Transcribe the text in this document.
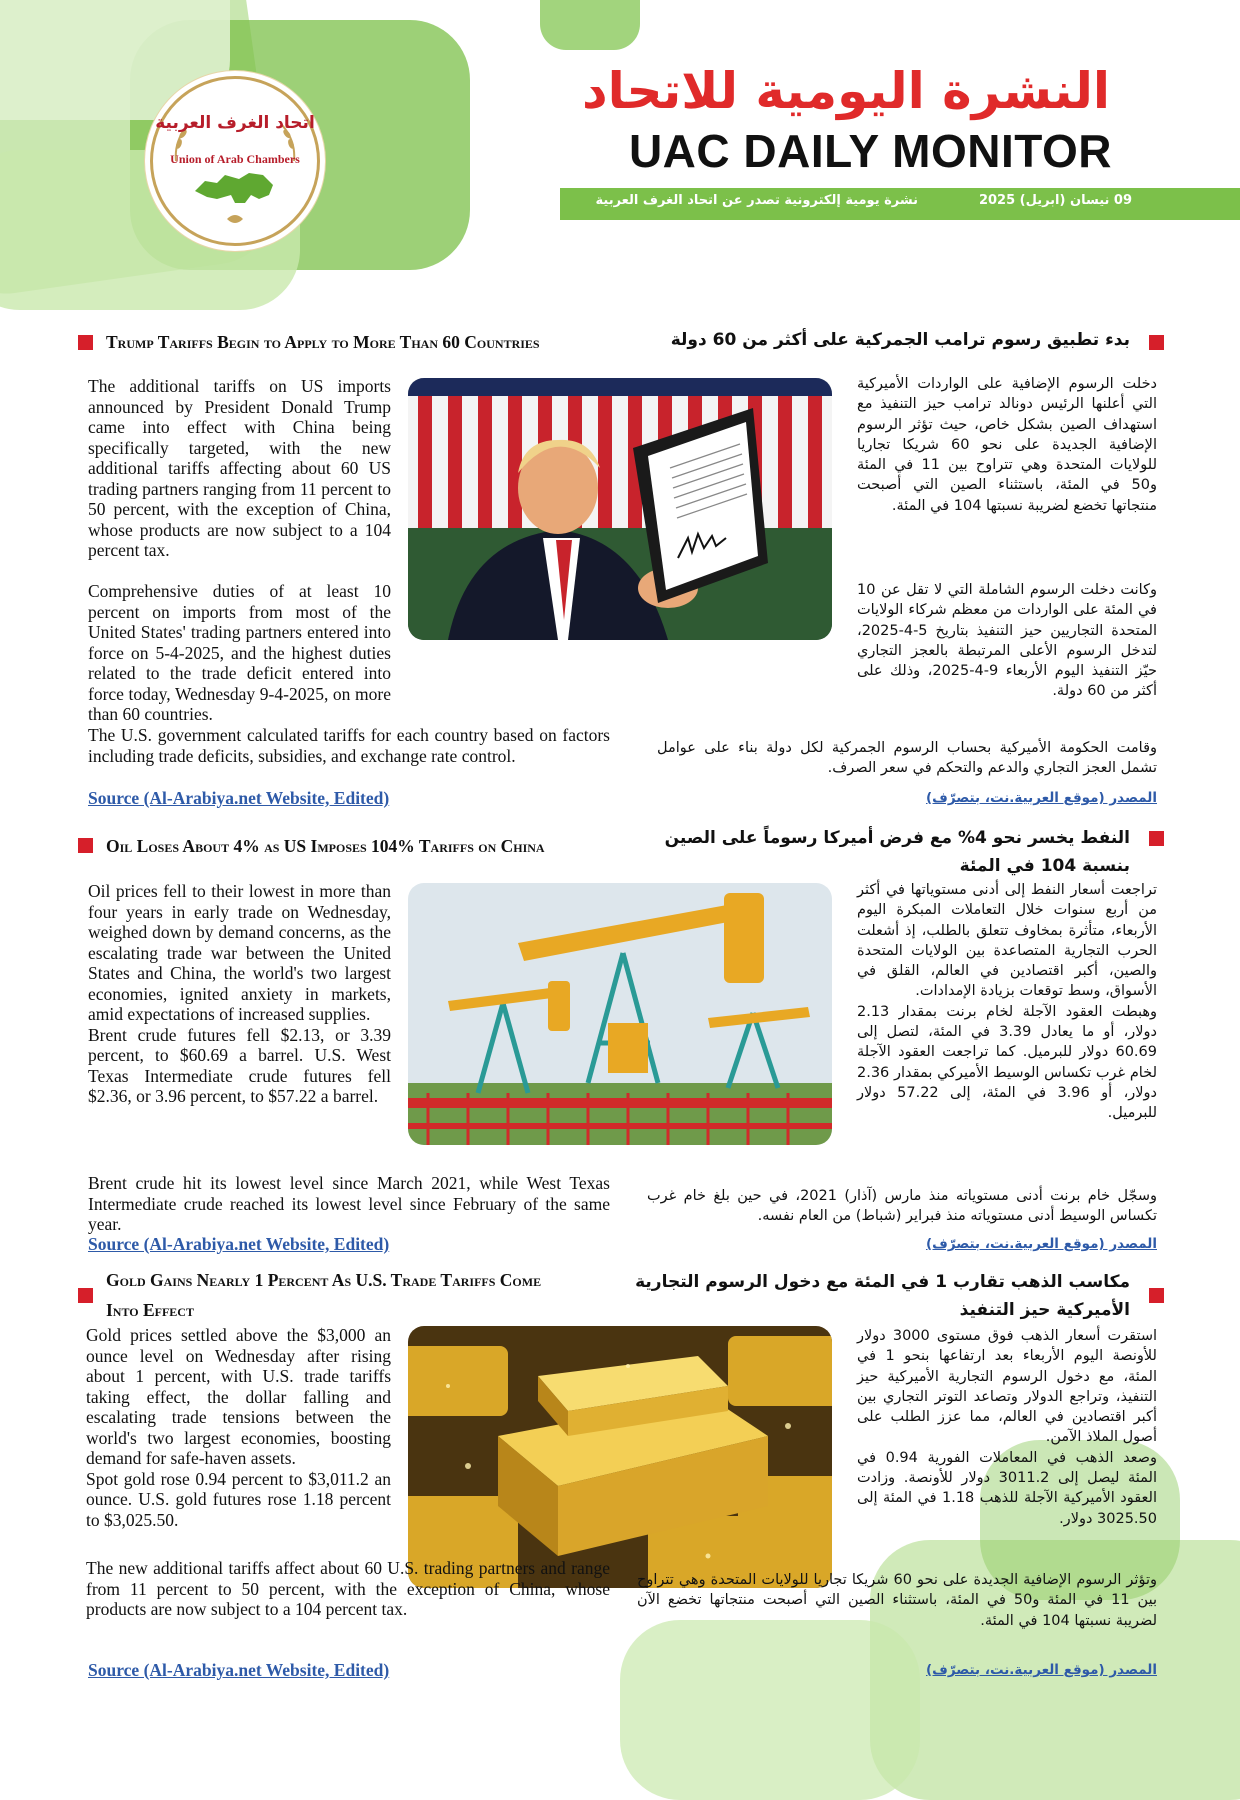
اتحاد الغرف العربية
Union of Arab Chambers
النشرة اليومية للاتحاد
UAC DAILY MONITOR
09 نيسان (ابريل) 2025
نشرة يومية إلكترونية تصدر عن اتحاد الغرف العربية
Trump Tariffs Begin to Apply to More Than 60 Countries	بدء تطبيق رسوم ترامب الجمركية على أكثر من 60 دولة

The additional tariffs on US imports announced by President Donald Trump came into effect with China being specifically targeted, with the new additional tariffs affecting about 60 US trading partners ranging from 11 percent to 50 percent, with the exception of China, whose products are now subject to a 104 percent tax.

Comprehensive duties of at least 10 percent on imports from most of the United States' trading partners entered into force on 5-4-2025, and the highest duties related to the trade deficit entered into force today, Wednesday 9-4-2025, on more than 60 countries.

The U.S. government calculated tariffs for each country based on factors including trade deficits, subsidies, and exchange rate control.

Source (Al-Arabiya.net Website, Edited)

دخلت الرسوم الإضافية على الواردات الأميركية التي أعلنها الرئيس دونالد ترامب حيز التنفيذ مع استهداف الصين بشكل خاص، حيث تؤثر الرسوم الإضافية الجديدة على نحو 60 شريكا تجاريا للولايات المتحدة وهي تتراوح بين 11 في المئة و50 في المئة، باستثناء الصين التي أصبحت منتجاتها تخضع لضريبة نسبتها 104 في المئة.

وكانت دخلت الرسوم الشاملة التي لا تقل عن 10 في المئة على الواردات من معظم شركاء الولايات المتحدة التجاريين حيز التنفيذ بتاريخ 5-4-2025، لتدخل الرسوم الأعلى المرتبطة بالعجز التجاري حيّز التنفيذ اليوم الأربعاء 9-4-2025، وذلك على أكثر من 60 دولة.

وقامت الحكومة الأميركية بحساب الرسوم الجمركية لكل دولة بناء على عوامل تشمل العجز التجاري والدعم والتحكم في سعر الصرف.

المصدر (موقع العربية.نت، بتصرّف)
Oil Loses About 4% as US Imposes 104% Tariffs on China	النفط يخسر نحو 4% مع فرض أميركا رسوماً على الصين بنسبة 104 في المئة

Oil prices fell to their lowest in more than four years in early trade on Wednesday, weighed down by demand concerns, as the escalating trade war between the United States and China, the world's two largest economies, ignited anxiety in markets, amid expectations of increased supplies.

Brent crude futures fell $2.13, or 3.39 percent, to $60.69 a barrel. U.S. West Texas Intermediate crude futures fell $2.36, or 3.96 percent, to $57.22 a barrel.

Brent crude hit its lowest level since March 2021, while West Texas Intermediate crude reached its lowest level since February of the same year.

Source (Al-Arabiya.net Website, Edited)

تراجعت أسعار النفط إلى أدنى مستوياتها في أكثر من أربع سنوات خلال التعاملات المبكرة اليوم الأربعاء، متأثرة بمخاوف تتعلق بالطلب، إذ أشعلت الحرب التجارية المتصاعدة بين الولايات المتحدة والصين، أكبر اقتصادين في العالم، القلق في الأسواق، وسط توقعات بزيادة الإمدادات.

وهبطت العقود الآجلة لخام برنت بمقدار 2.13 دولار، أو ما يعادل 3.39 في المئة، لتصل إلى 60.69 دولار للبرميل. كما تراجعت العقود الآجلة لخام غرب تكساس الوسيط الأميركي بمقدار 2.36 دولار، أو 3.96 في المئة، إلى 57.22 دولار للبرميل.

وسجّل خام برنت أدنى مستوياته منذ مارس (آذار) 2021، في حين بلغ خام غرب تكساس الوسيط أدنى مستوياته منذ فبراير (شباط) من العام نفسه.

المصدر (موقع العربية.نت، بتصرّف)
Gold Gains Nearly 1 Percent As U.S. Trade Tariffs Come
Into Effect
مكاسب الذهب تقارب 1 في المئة مع دخول الرسوم التجارية الأميركية حيز التنفيذ

Gold prices settled above the $3,000 an ounce level on Wednesday after rising about 1 percent, with U.S. trade tariffs taking effect, the dollar falling and escalating trade tensions between the world's two largest economies, boosting demand for safe-haven assets.

Spot gold rose 0.94 percent to $3,011.2 an ounce. U.S. gold futures rose 1.18 percent to $3,025.50.

The new additional tariffs affect about 60 U.S. trading partners and range from 11 percent to 50 percent, with the exception of China, whose products are now subject to a 104 percent tax.

Source (Al-Arabiya.net Website, Edited)

استقرت أسعار الذهب فوق مستوى 3000 دولار للأونصة اليوم الأربعاء بعد ارتفاعها بنحو 1 في المئة، مع دخول الرسوم التجارية الأميركية حيز التنفيذ، وتراجع الدولار وتصاعد التوتر التجاري بين أكبر اقتصادين في العالم، مما عزز الطلب على أصول الملاذ الآمن.

وصعد الذهب في المعاملات الفورية 0.94 في المئة ليصل إلى 3011.2 دولار للأونصة. وزادت العقود الأميركية الآجلة للذهب 1.18 في المئة إلى 3025.50 دولار.

وتؤثر الرسوم الإضافية الجديدة على نحو 60 شريكا تجاريا للولايات المتحدة وهي تتراوح بين 11 في المئة و50 في المئة، باستثناء الصين التي أصبحت منتجاتها تخضع الآن لضريبة نسبتها 104 في المئة.

المصدر (موقع العربية.نت، بتصرّف)
